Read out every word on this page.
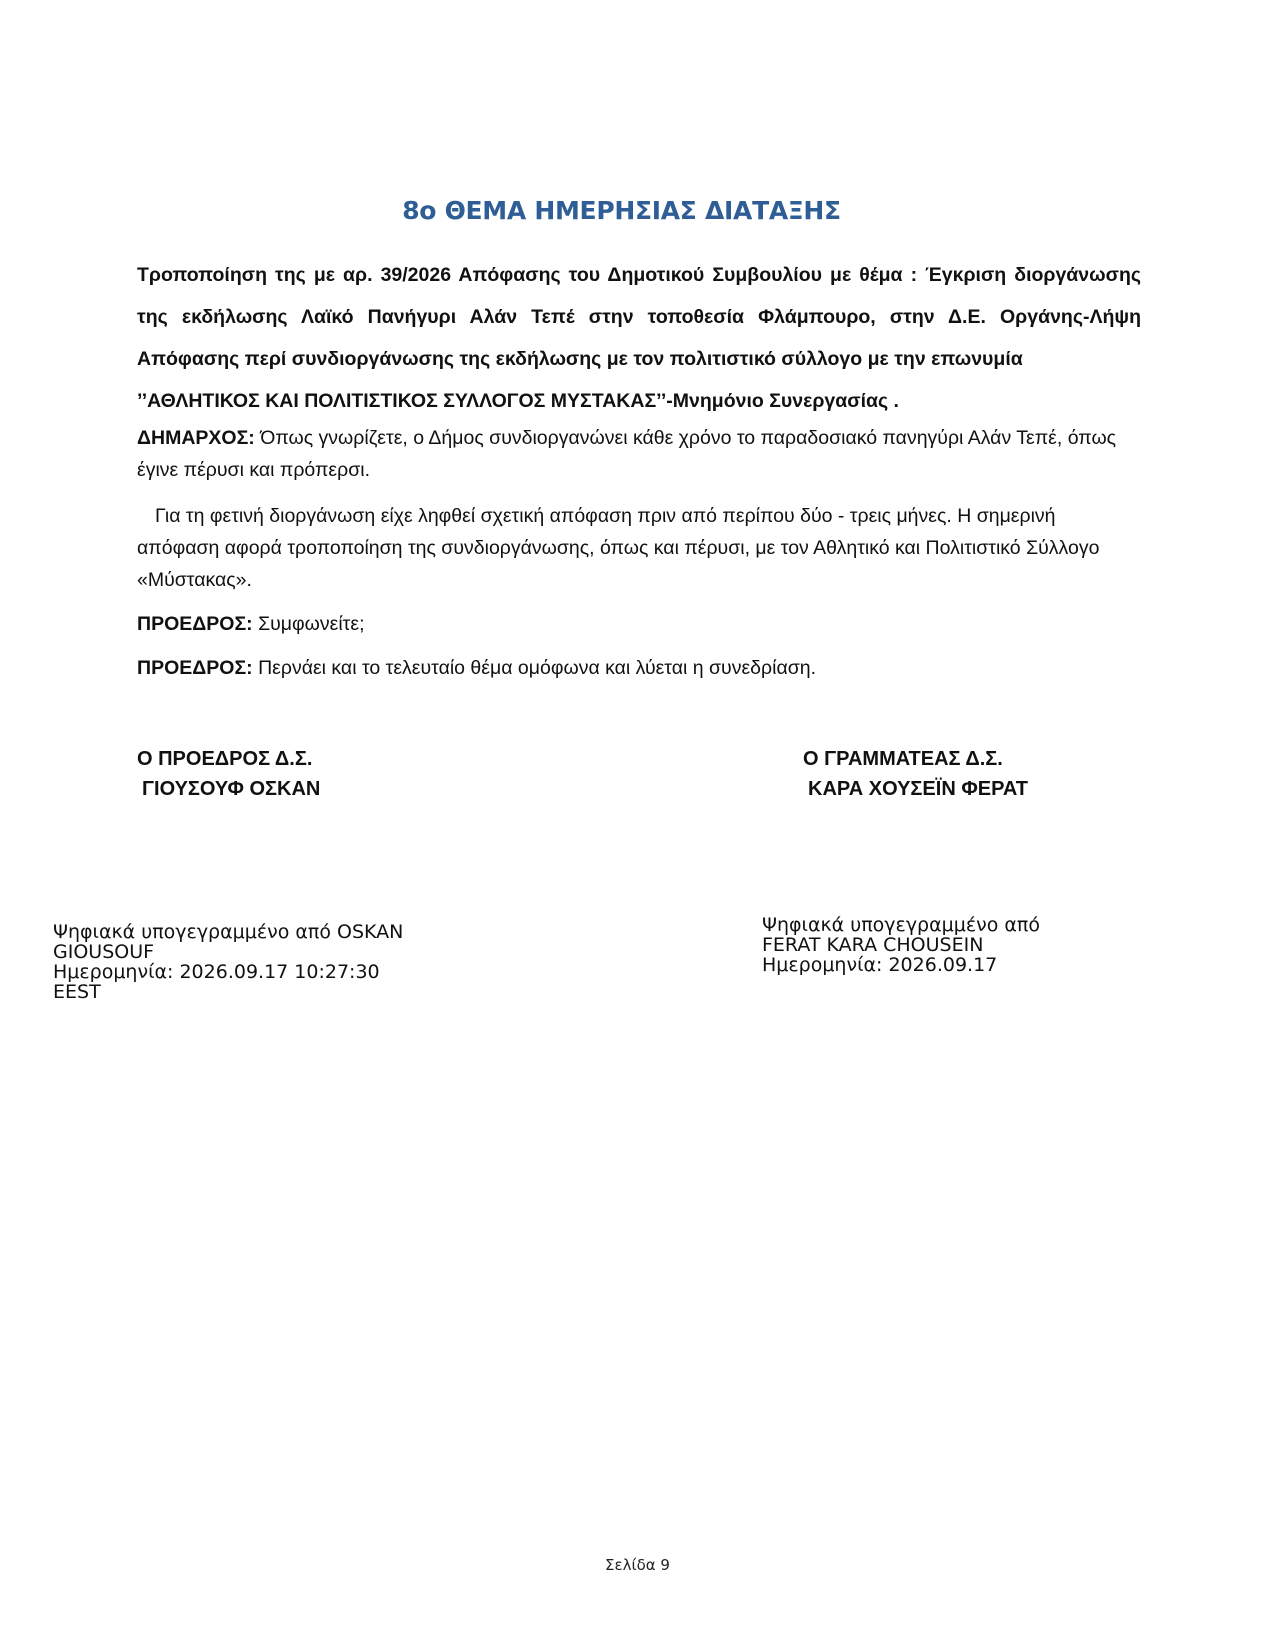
8ο ΘΕΜΑ ΗΜΕΡΗΣΙΑΣ ΔΙΑΤΑΞΗΣ
Τροποποίηση της με αρ. 39/2026 Απόφασης του Δημοτικού Συμβουλίου με θέμα : Έγκριση διοργάνωσης της εκδήλωσης Λαϊκό Πανήγυρι Αλάν Τεπέ στην τοποθεσία Φλάμπουρο, στην Δ.Ε. Οργάνης-Λήψη Απόφασης περί συνδιοργάνωσης της εκδήλωσης με τον πολιτιστικό σύλλογο με την επωνυμία
’’ΑΘΛΗΤΙΚΟΣ ΚΑΙ ΠΟΛΙΤΙΣΤΙΚΟΣ ΣΥΛΛΟΓΟΣ ΜΥΣΤΑΚΑΣ’’-Μνημόνιο Συνεργασίας .
ΔΗΜΑΡΧΟΣ: Όπως γνωρίζετε, ο Δήμος συνδιοργανώνει κάθε χρόνο το παραδοσιακό πανηγύρι Αλάν Τεπέ, όπως έγινε πέρυσι και πρόπερσι.
Για τη φετινή διοργάνωση είχε ληφθεί σχετική απόφαση πριν από περίπου δύο - τρεις μήνες. Η σημερινή απόφαση αφορά τροποποίηση της συνδιοργάνωσης, όπως και πέρυσι, με τον Αθλητικό και Πολιτιστικό Σύλλογο «Μύστακας».
ΠΡΟΕΔΡΟΣ: Συμφωνείτε;
ΠΡΟΕΔΡΟΣ: Περνάει και το τελευταίο θέμα ομόφωνα και λύεται η συνεδρίαση.
Ο ΠΡΟΕΔΡΟΣ Δ.Σ.
ΓΙΟΥΣΟΥΦ ΟΣΚΑΝ
Ο ΓΡΑΜΜΑΤΕΑΣ Δ.Σ.
ΚΑΡΑ ΧΟΥΣΕΪΝ ΦΕΡΑΤ
Ψηφιακά υπογεγραμμένο από OSKAN
GIOUSOUF
Ημερομηνία: 2026.09.17 10:27:30
EEST
Ψηφιακά υπογεγραμμένο από
FERAT KARA CHOUSEIN
Ημερομηνία: 2026.09.17
Σελίδα 9
